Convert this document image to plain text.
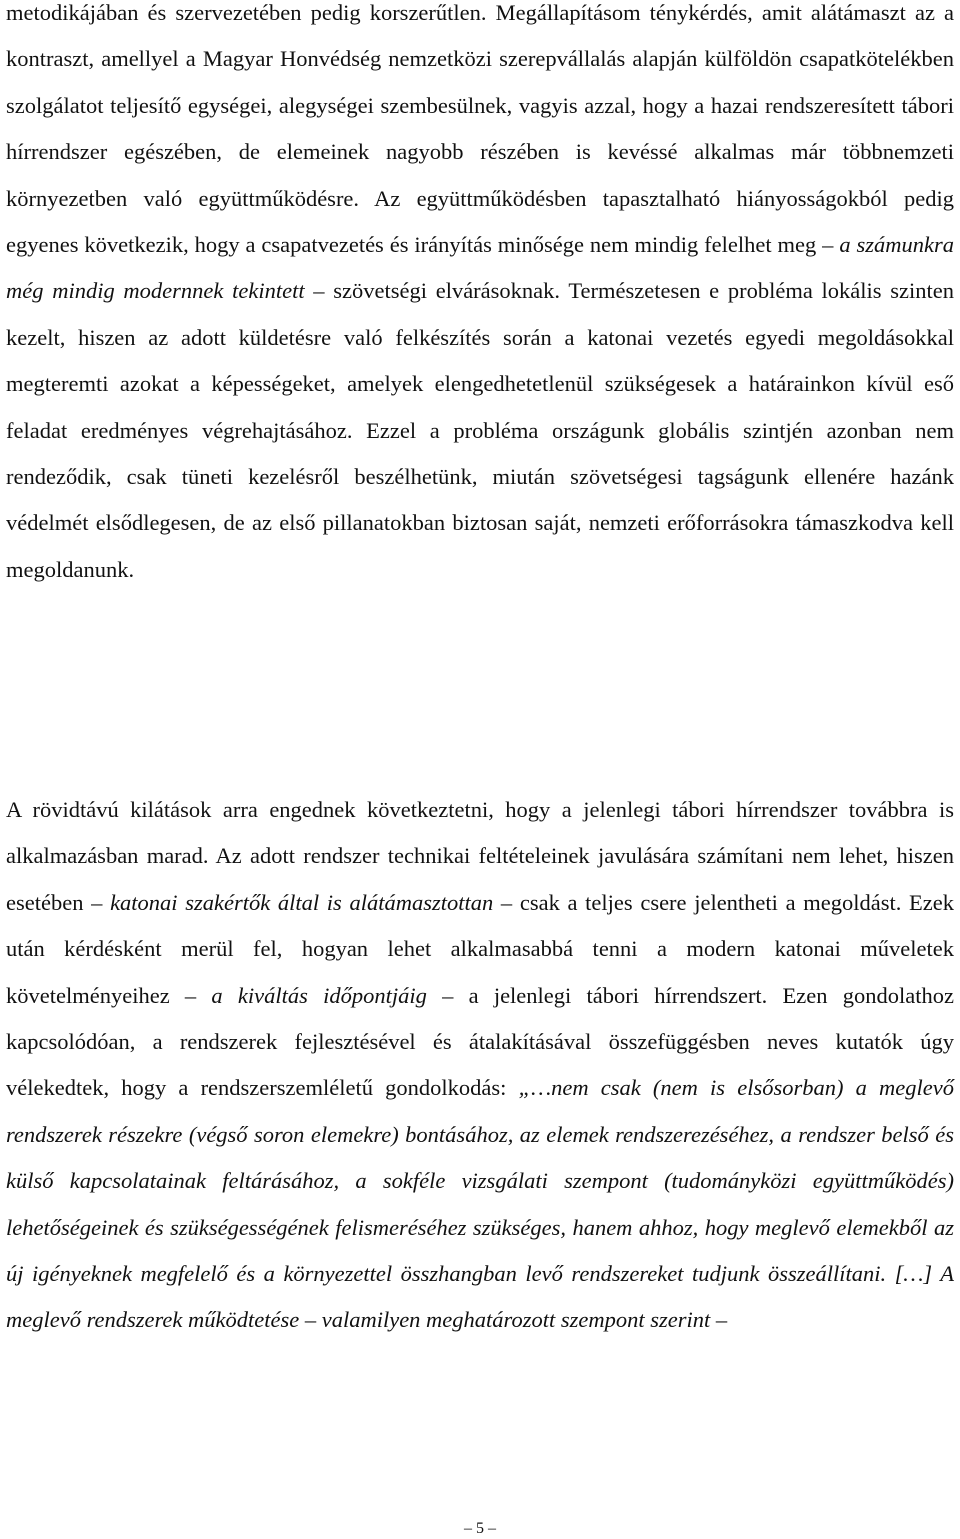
metodikájában és szervezetében pedig korszerűtlen. Megállapításom ténykérdés, amit alátámaszt az a kontraszt, amellyel a Magyar Honvédség nemzetközi szerepvállalás alapján külföldön csapatkötelékben szolgálatot teljesítő egységei, alegységei szembesülnek, vagyis azzal, hogy a hazai rendszeresített tábori hírrendszer egészében, de elemeinek nagyobb részében is kevéssé alkalmas már többnemzeti környezetben való együttműködésre. Az együttműködésben tapasztalható hiányosságokból pedig egyenes következik, hogy a csapatvezetés és irányítás minősége nem mindig felelhet meg – a számunkra még mindig modernnek tekintett – szövetségi elvárásoknak. Természetesen e probléma lokális szinten kezelt, hiszen az adott küldetésre való felkészítés során a katonai vezetés egyedi megoldásokkal megteremti azokat a képességeket, amelyek elengedhetetlenül szükségesek a határainkon kívül eső feladat eredményes végrehajtásához. Ezzel a probléma országunk globális szintjén azonban nem rendeződik, csak tüneti kezelésről beszélhetünk, miután szövetségesi tagságunk ellenére hazánk védelmét elsődlegesen, de az első pillanatokban biztosan saját, nemzeti erőforrásokra támaszkodva kell megoldanunk.

A rövidtávú kilátások arra engednek következtetni, hogy a jelenlegi tábori hírrendszer továbbra is alkalmazásban marad. Az adott rendszer technikai feltételeinek javulására számítani nem lehet, hiszen esetében – katonai szakértők által is alátámasztottan – csak a teljes csere jelentheti a megoldást. Ezek után kérdésként merül fel, hogyan lehet alkalmasabbá tenni a modern katonai műveletek követelményeihez – a kiváltás időpontjáig – a jelenlegi tábori hírrendszert. Ezen gondolathoz kapcsolódóan, a rendszerek fejlesztésével és átalakításával összefüggésben neves kutatók úgy vélekedtek, hogy a rendszerszemléletű gondolkodás: „…nem csak (nem is elsősorban) a meglevő rendszerek részekre (végső soron elemekre) bontásához, az elemek rendszerezéséhez, a rendszer belső és külső kapcsolatainak feltárásához, a sokféle vizsgálati szempont (tudományközi együttműködés) lehetőségeinek és szükségességének felismeréséhez szükséges, hanem ahhoz, hogy meglevő elemekből az új igényeknek megfelelő és a környezettel összhangban levő rendszereket tudjunk összeállítani. […] A meglevő rendszerek működtetése – valamilyen meghatározott szempont szerint –

– 5 –
